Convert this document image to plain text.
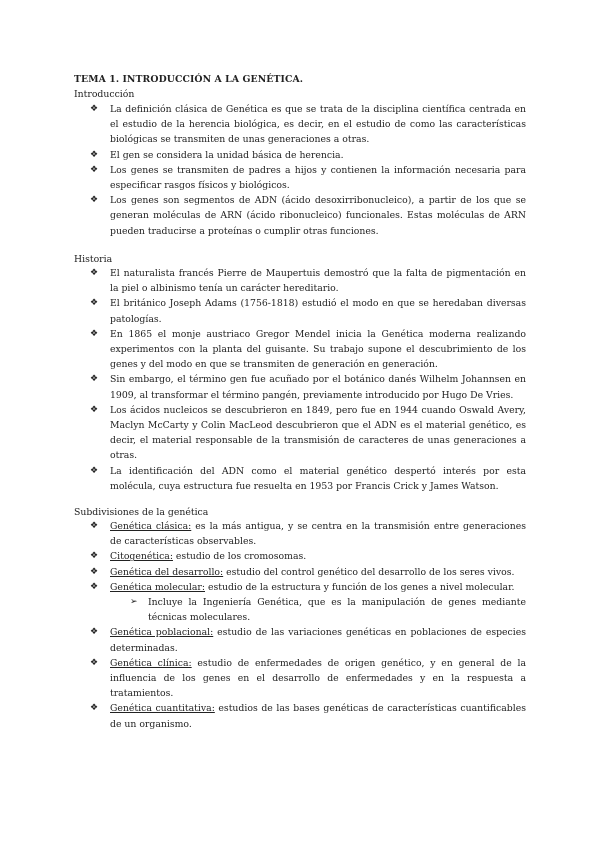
TEMA 1. INTRODUCCIÓN A LA GENÉTICA.
Introducción
❖ La definición clásica de Genética es que se trata de la disciplina científica centrada en el estudio de la herencia biológica, es decir, en el estudio de como las características biológicas se transmiten de unas generaciones a otras.
❖ El gen se considera la unidad básica de herencia.
❖ Los genes se transmiten de padres a hijos y contienen la información necesaria para especificar rasgos físicos y biológicos.
❖ Los genes son segmentos de ADN (ácido desoxirribonucleico), a partir de los que se generan moléculas de ARN (ácido ribonucleico) funcionales. Estas moléculas de ARN pueden traducirse a proteínas o cumplir otras funciones.
Historia
❖ El naturalista francés Pierre de Maupertuis demostró que la falta de pigmentación en la piel o albinismo tenía un carácter hereditario.
❖ El británico Joseph Adams (1756-1818) estudió el modo en que se heredaban diversas patologías.
❖ En 1865 el monje austriaco Gregor Mendel inicia la Genética moderna realizando experimentos con la planta del guisante. Su trabajo supone el descubrimiento de los genes y del modo en que se transmiten de generación en generación.
❖ Sin embargo, el término gen fue acuñado por el botánico danés Wilhelm Johannsen en 1909, al transformar el término pangén, previamente introducido por Hugo De Vries.
❖ Los ácidos nucleicos se descubrieron en 1849, pero fue en 1944 cuando Oswald Avery, Maclyn McCarty y Colin MacLeod descubrieron que el ADN es el material genético, es decir, el material responsable de la transmisión de caracteres de unas generaciones a otras.
❖ La identificación del ADN como el material genético despertó interés por esta molécula, cuya estructura fue resuelta en 1953 por Francis Crick y James Watson.
Subdivisiones de la genética
❖ Genética clásica: es la más antigua, y se centra en la transmisión entre generaciones de características observables.
❖ Citogenética: estudio de los cromosomas.
❖ Genética del desarrollo: estudio del control genético del desarrollo de los seres vivos.
❖ Genética molecular: estudio de la estructura y función de los genes a nivel molecular.
➢ Incluye la Ingeniería Genética, que es la manipulación de genes mediante técnicas moleculares.
❖ Genética poblacional: estudio de las variaciones genéticas en poblaciones de especies determinadas.
❖ Genética clínica: estudio de enfermedades de origen genético, y en general de la influencia de los genes en el desarrollo de enfermedades y en la respuesta a tratamientos.
❖ Genética cuantitativa: estudios de las bases genéticas de características cuantificables de un organismo.
